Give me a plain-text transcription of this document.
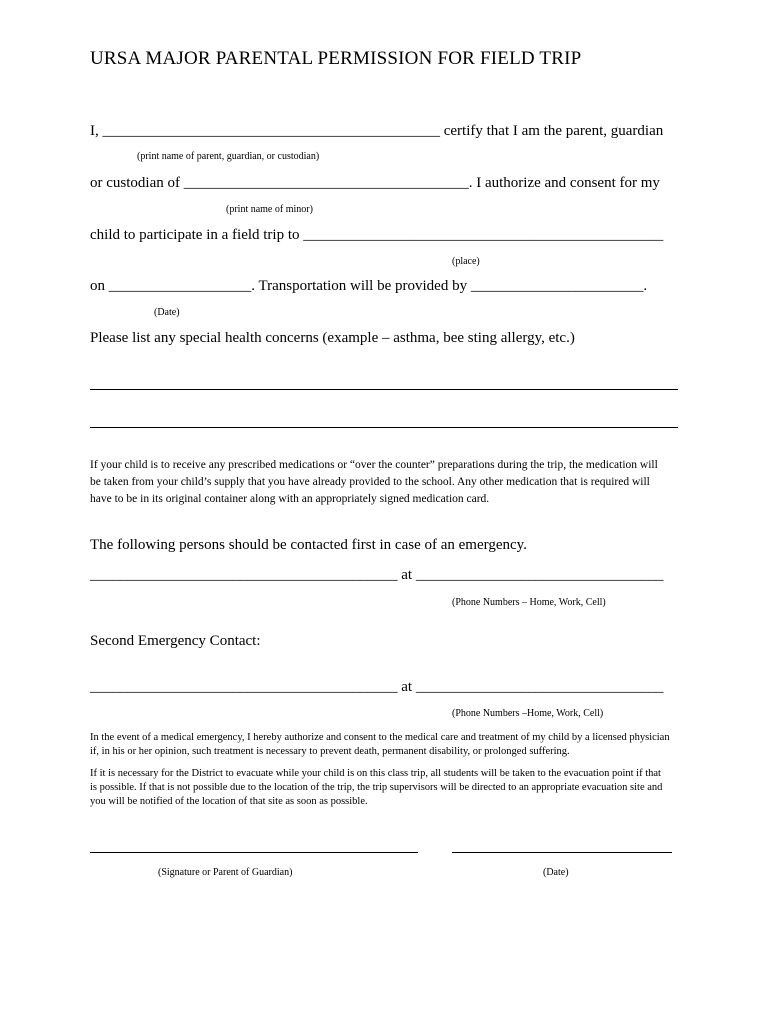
URSA MAJOR PARENTAL PERMISSION FOR FIELD TRIP
I, _____________________________________________ certify that I am the parent, guardian
(print name of parent, guardian, or custodian)
or custodian of ______________________________________. I authorize and consent for my
(print name of minor)
child to participate in a field trip to ________________________________________________
(place)
on ___________________. Transportation will be provided by _______________________.
(Date)
Please list any special health concerns (example – asthma, bee sting allergy, etc.)
If your child is to receive any prescribed medications or “over the counter” preparations during the trip, the medication will be taken from your child’s supply that you have already provided to the school. Any other medication that is required will have to be in its original container along with an appropriately signed medication card.
The following persons should be contacted first in case of an emergency.
_________________________________________ at _________________________________
(Phone Numbers – Home, Work, Cell)
Second Emergency Contact:
_________________________________________ at _________________________________
(Phone Numbers –Home, Work, Cell)
In the event of a medical emergency, I hereby authorize and consent to the medical care and treatment of my child by a licensed physician if, in his or her opinion, such treatment is necessary to prevent death, permanent disability, or prolonged suffering.
If it is necessary for the District to evacuate while your child is on this class trip, all students will be taken to the evacuation point if that is possible. If that is not possible due to the location of the trip, the trip supervisors will be directed to an appropriate evacuation site and you will be notified of the location of that site as soon as possible.
(Signature or Parent of Guardian)	(Date)
